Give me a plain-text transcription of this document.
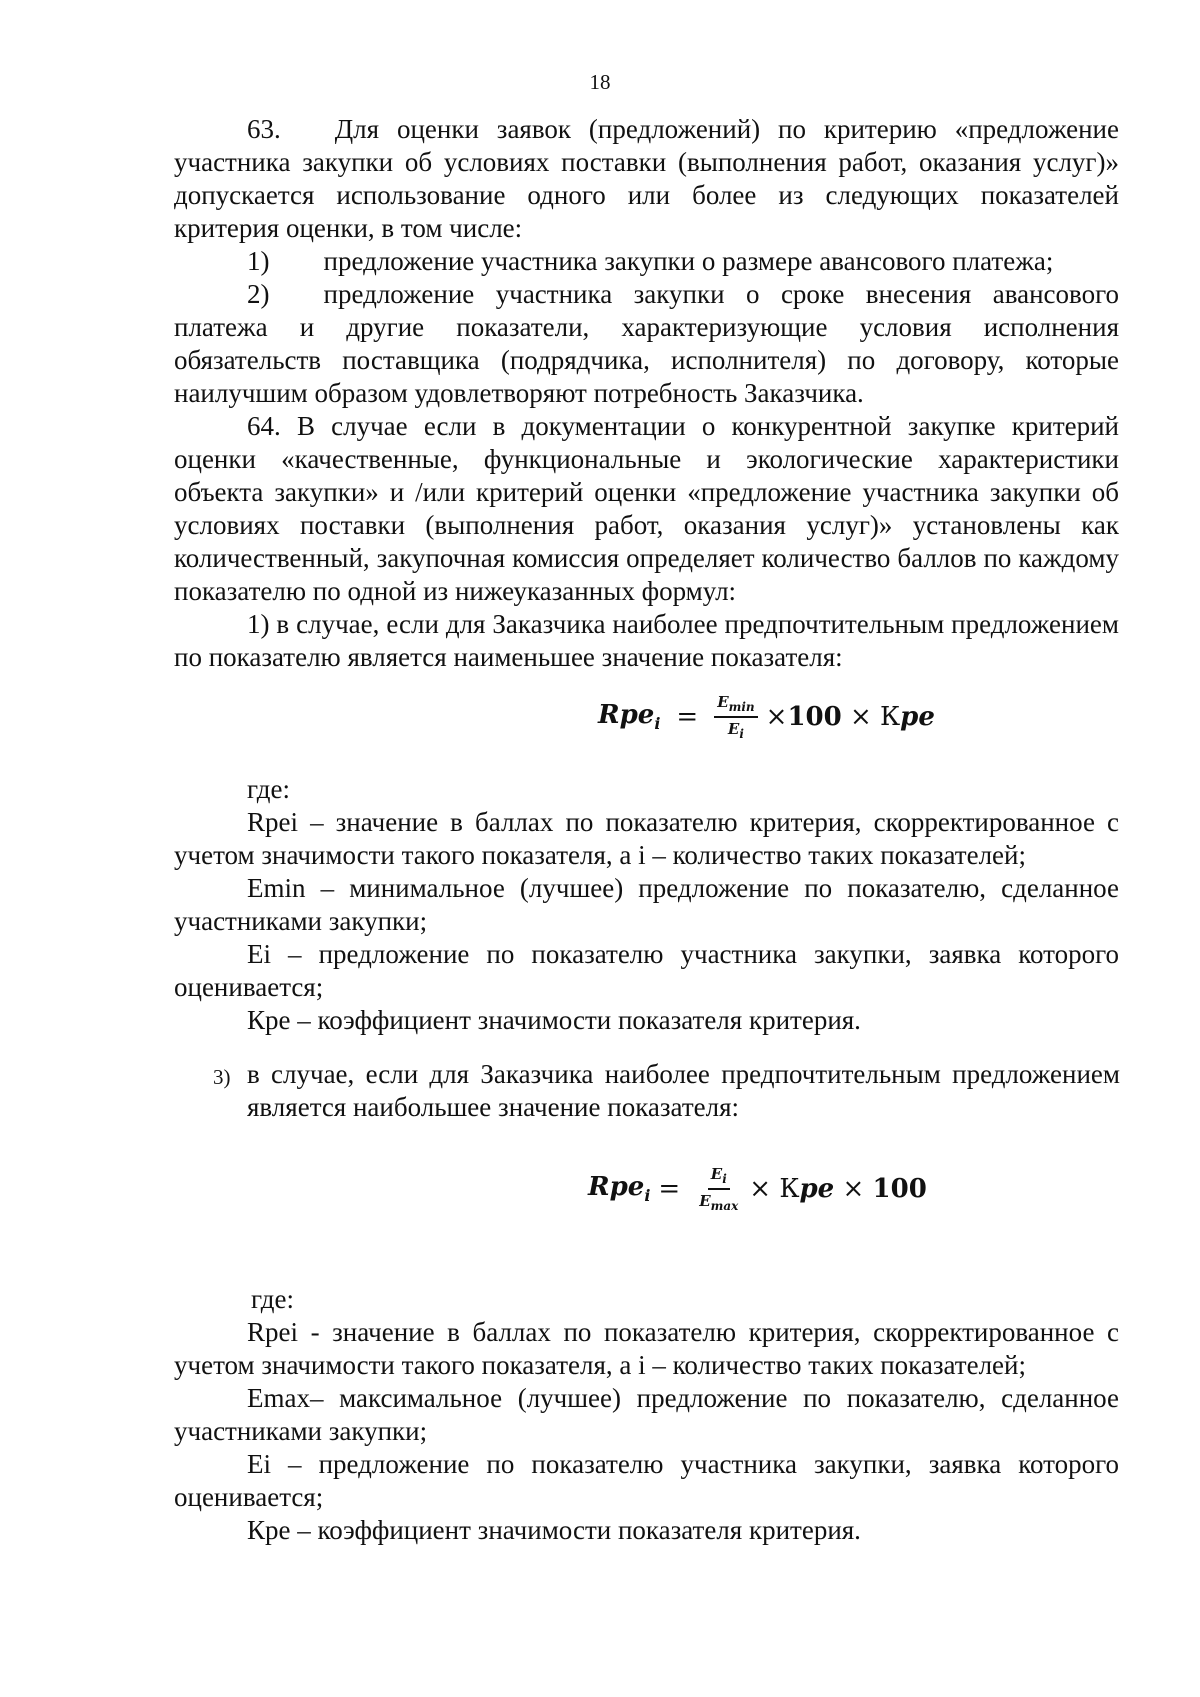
18

63.  Для оценки заявок (предложений) по критерию «предложение участника закупки об условиях поставки (выполнения работ, оказания услуг)» допускается использование одного или более из следующих показателей критерия оценки, в том числе:

1)   предложение участника закупки о размере авансового платежа;

2)   предложение участника закупки о сроке внесения авансового платежа и другие показатели, характеризующие условия исполнения обязательств поставщика (подрядчика, исполнителя) по договору, которые наилучшим образом удовлетворяют потребность Заказчика.

64. В случае если в документации о конкурентной закупке критерий оценки «качественные, функциональные и экологические характеристики объекта закупки» и /или критерий оценки «предложение участника закупки об условиях поставки (выполнения работ, оказания услуг)» установлены как количественный, закупочная комиссия определяет количество баллов по каждому показателю по одной из нижеуказанных формул:

1) в случае, если для Заказчика наиболее предпочтительным предложением по показателю является наименьшее значение показателя:

$Rpe_i = \frac{E_{min}}{E_i} \times 100 \times К$ pe

где:

Rpei – значение в баллах по показателю критерия, скорректированное с учетом значимости такого показателя, а i – количество таких показателей;

Emin – минимальное (лучшее) предложение по показателю, сделанное участниками закупки;

Ei – предложение по показателю участника закупки, заявка которого оценивается;

Кре – коэффициент значимости показателя критерия.

3) в случае, если для Заказчика наиболее предпочтительным предложением является наибольшее значение показателя:
$Rpe_i = \frac{E_i}{E_{max}} \times К$ pe × 100

где:

Rpei - значение в баллах по показателю критерия, скорректированное с учетом значимости такого показателя, а i – количество таких показателей;

Emax– максимальное (лучшее) предложение по показателю, сделанное участниками закупки;

Ei – предложение по показателю участника закупки, заявка которого оценивается;

Кре – коэффициент значимости показателя критерия.
